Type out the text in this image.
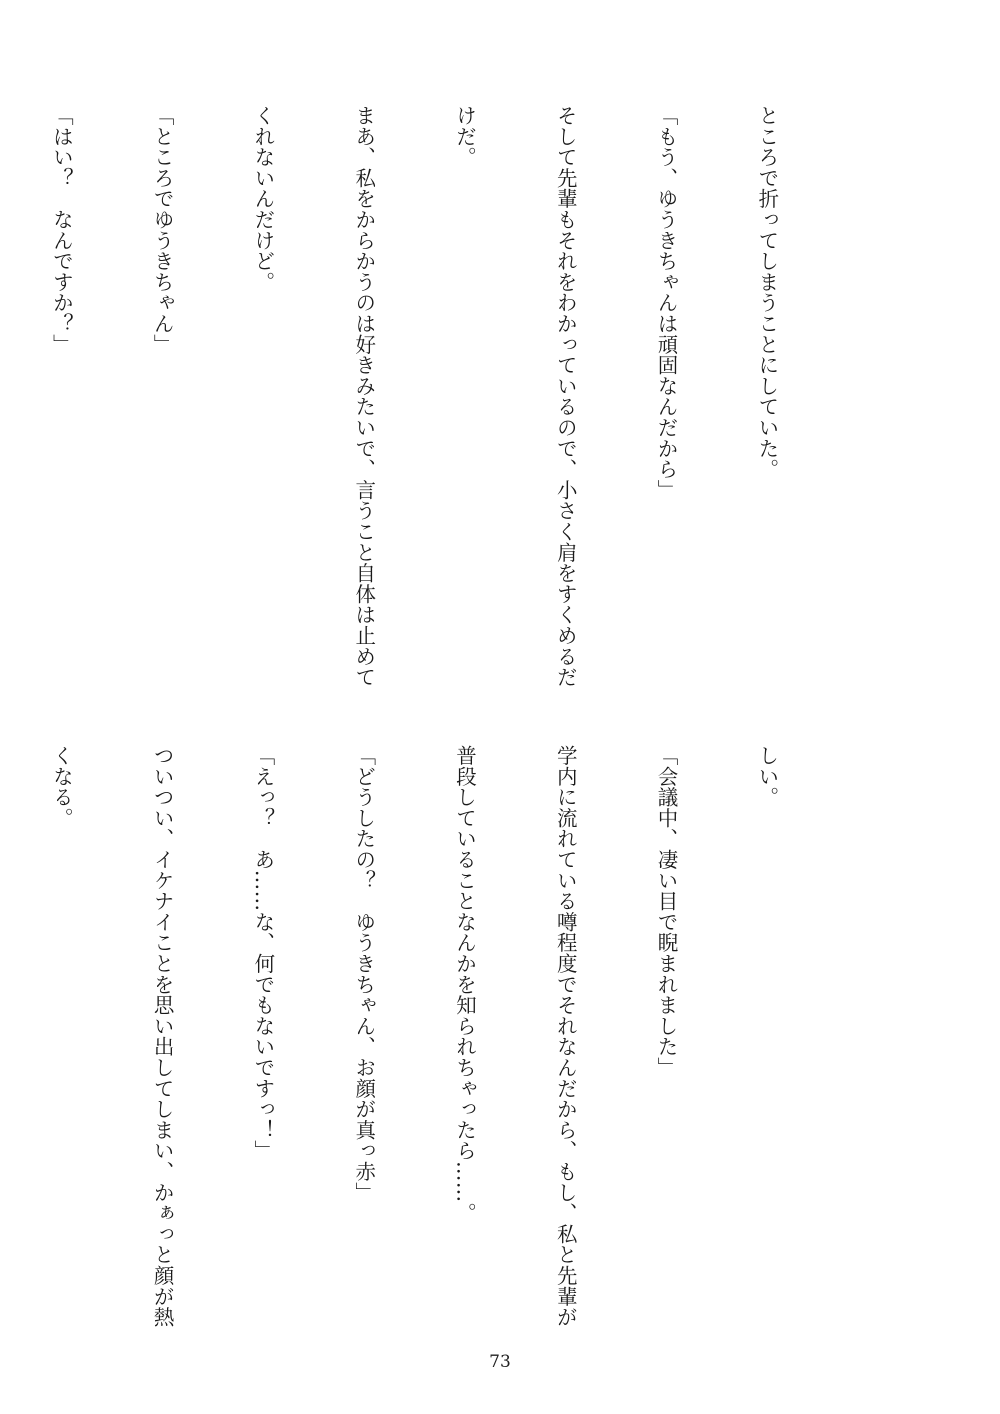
ところで折ってしまうことにしていた。

「もう、ゆうきちゃんは頑固なんだから」

そして先輩もそれをわかっているので、小さく肩をすくめるだ

けだ。

まあ、私をからかうのは好きみたいで、言うこと自体は止めて

くれないんだけど。

「ところでゆうきちゃん」

「はい？　なんですか？」

しい。

「会議中、凄い目で睨まれました」

学内に流れている噂程度でそれなんだから、もし、私と先輩が

普段していることなんかを知られちゃったら……。

「どうしたの？　ゆうきちゃん、お顔が真っ赤」

「えっ？　あ……な、何でもないですっ！」

ついつい、イケナイことを思い出してしまい、かぁっと顔が熱

くなる。

73
